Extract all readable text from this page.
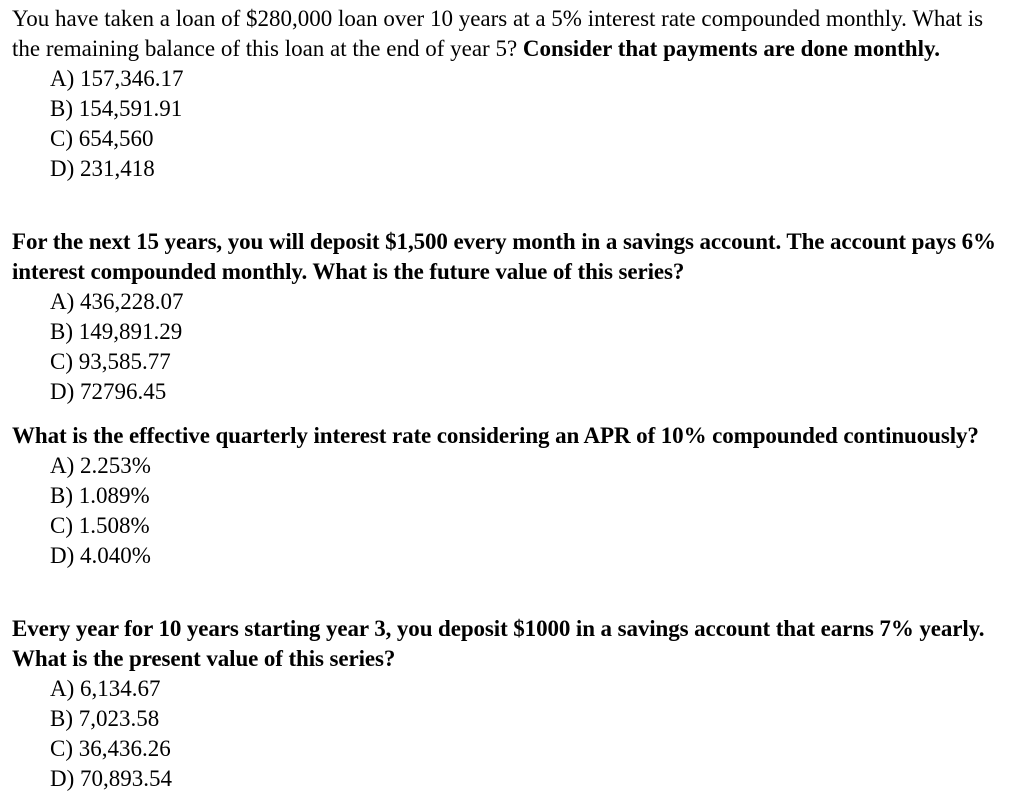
You have taken a loan of $280,000 loan over 10 years at a 5% interest rate compounded monthly. What is the remaining balance of this loan at the end of year 5? Consider that payments are done monthly.

A) 157,346.17
B) 154,591.91
C) 654,560
D) 231,418

For the next 15 years, you will deposit $1,500 every month in a savings account. The account pays 6% interest compounded monthly. What is the future value of this series?

A) 436,228.07
B) 149,891.29
C) 93,585.77
D) 72796.45

What is the effective quarterly interest rate considering an APR of 10% compounded continuously?

A) 2.253%
B) 1.089%
C) 1.508%
D) 4.040%

Every year for 10 years starting year 3, you deposit $1000 in a savings account that earns 7% yearly. What is the present value of this series?

A) 6,134.67
B) 7,023.58
C) 36,436.26
D) 70,893.54
